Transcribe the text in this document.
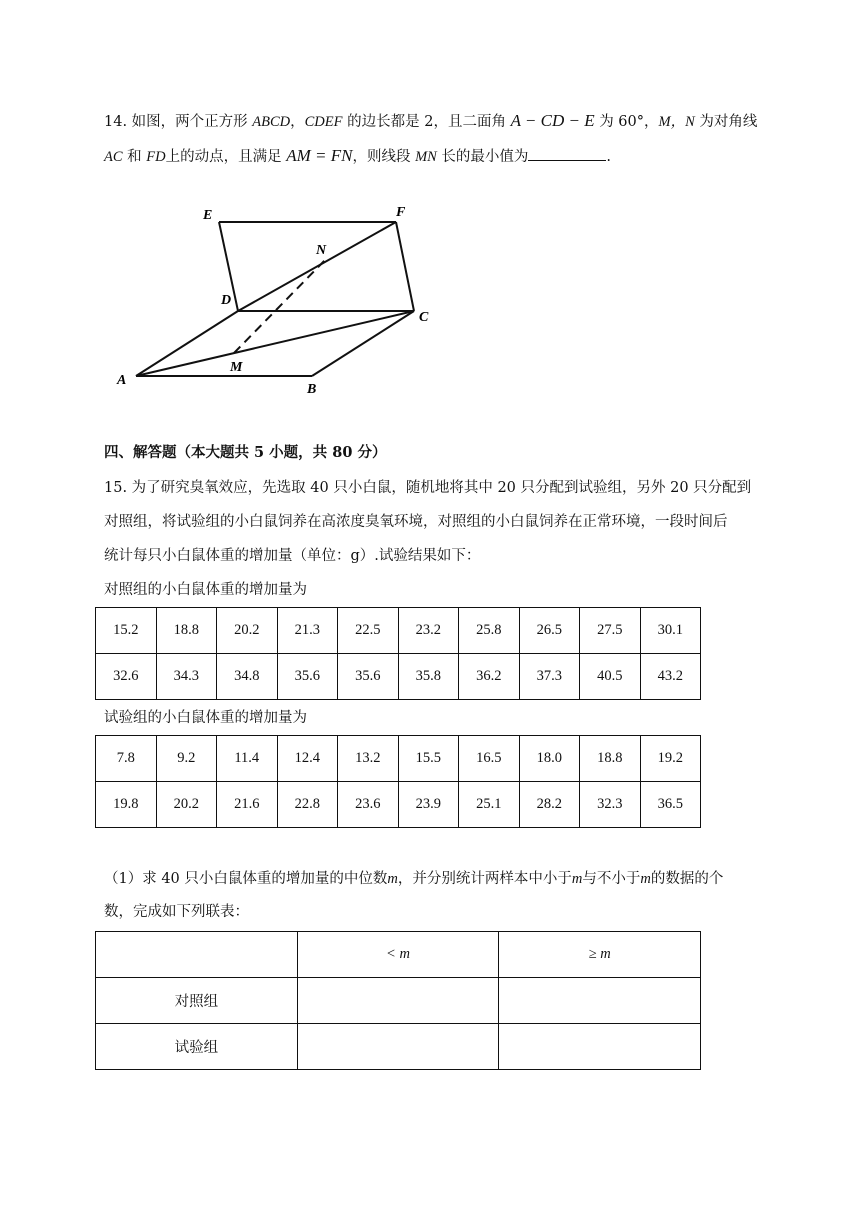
14. 如图，两个正方形 ABCD，CDEF 的边长都是 2，且二面角 A − CD − E 为 60°，M，N 为对角线
AC 和 FD上的动点，且满足 AM = FN，则线段 MN 长的最小值为	.
E	F
N
D
C
M
A
B
四、解答题（本大题共 5 小题，共 80 分）
15. 为了研究臭氧效应，先选取 40 只小白鼠，随机地将其中 20 只分配到试验组，另外 20 只分配到
对照组，将试验组的小白鼠饲养在高浓度臭氧环境，对照组的小白鼠饲养在正常环境，一段时间后
统计每只小白鼠体重的增加量（单位：g）.试验结果如下：
对照组的小白鼠体重的增加量为
15.2	18.8	20.2	21.3	22.5	23.2	25.8	26.5	27.5	30.1
32.6	34.3	34.8	35.6	35.6	35.8	36.2	37.3	40.5	43.2
试验组的小白鼠体重的增加量为
7.8	9.2	11.4	12.4	13.2	15.5	16.5	18.0	18.8	19.2
19.8	20.2	21.6	22.8	23.6	23.9	25.1	28.2	32.3	36.5
（1）求 40 只小白鼠体重的增加量的中位数m，并分别统计两样本中小于m与不小于m的数据的个
数，完成如下列联表：
	< m	≥ m
对照组		
试验组		
